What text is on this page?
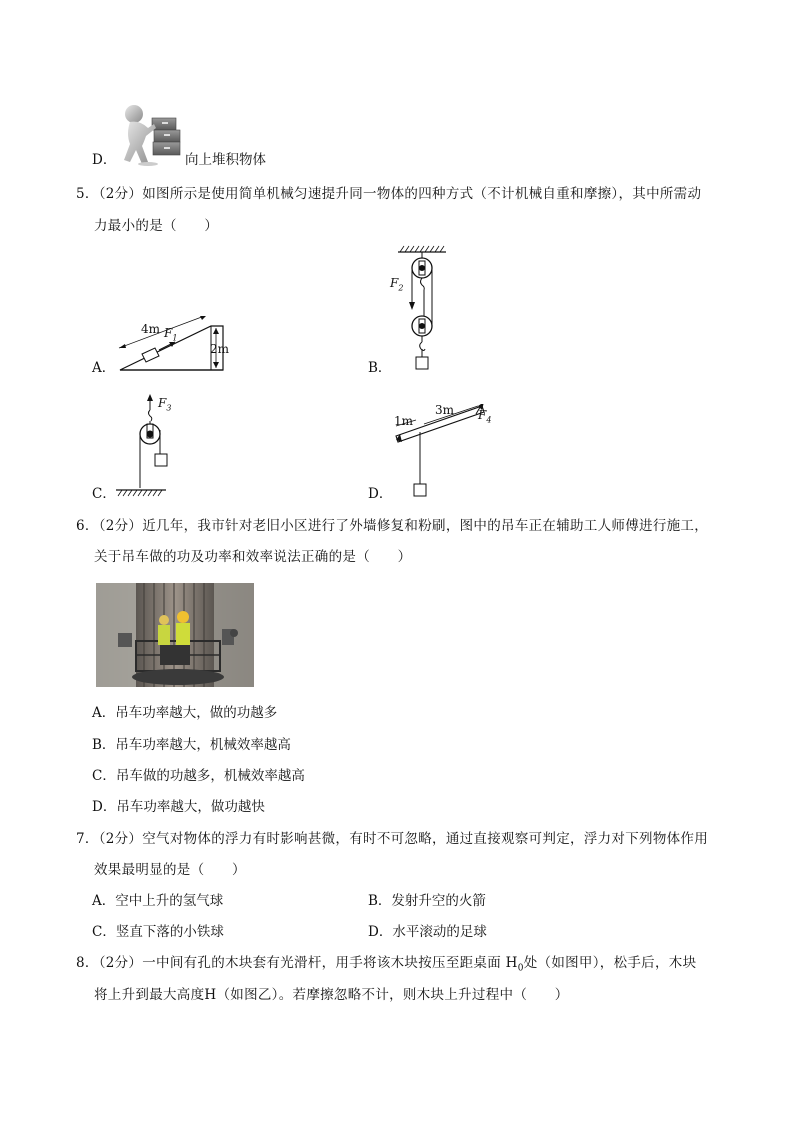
D．	向上堆积物体
5．（2分）如图所示是使用简单机械匀速提升同一物体的四种方式（不计机械自重和摩擦），其中所需动
力最小的是（　　）
A．
4m $F_1$
2m
B．
$F_2$
C．
$F_3$
D．
1m
3m $F_4$
6．（2分）近几年，我市针对老旧小区进行了外墙修复和粉刷，图中的吊车正在辅助工人师傅进行施工，
关于吊车做的功及功率和效率说法正确的是（　　）
A．吊车功率越大，做的功越多
B．吊车功率越大，机械效率越高
C．吊车做的功越多，机械效率越高
D．吊车功率越大，做功越快
7．（2分）空气对物体的浮力有时影响甚微，有时不可忽略，通过直接观察可判定，浮力对下列物体作用
效果最明显的是（　　）
A．空中上升的氢气球	B．发射升空的火箭
C．竖直下落的小铁球	D．水平滚动的足球
8．（2分）一中间有孔的木块套有光滑杆，用手将该木块按压至距桌面 $H_0$处（如图甲），松手后，木块
将上升到最大高度H（如图乙）。若摩擦忽略不计，则木块上升过程中（　　）
